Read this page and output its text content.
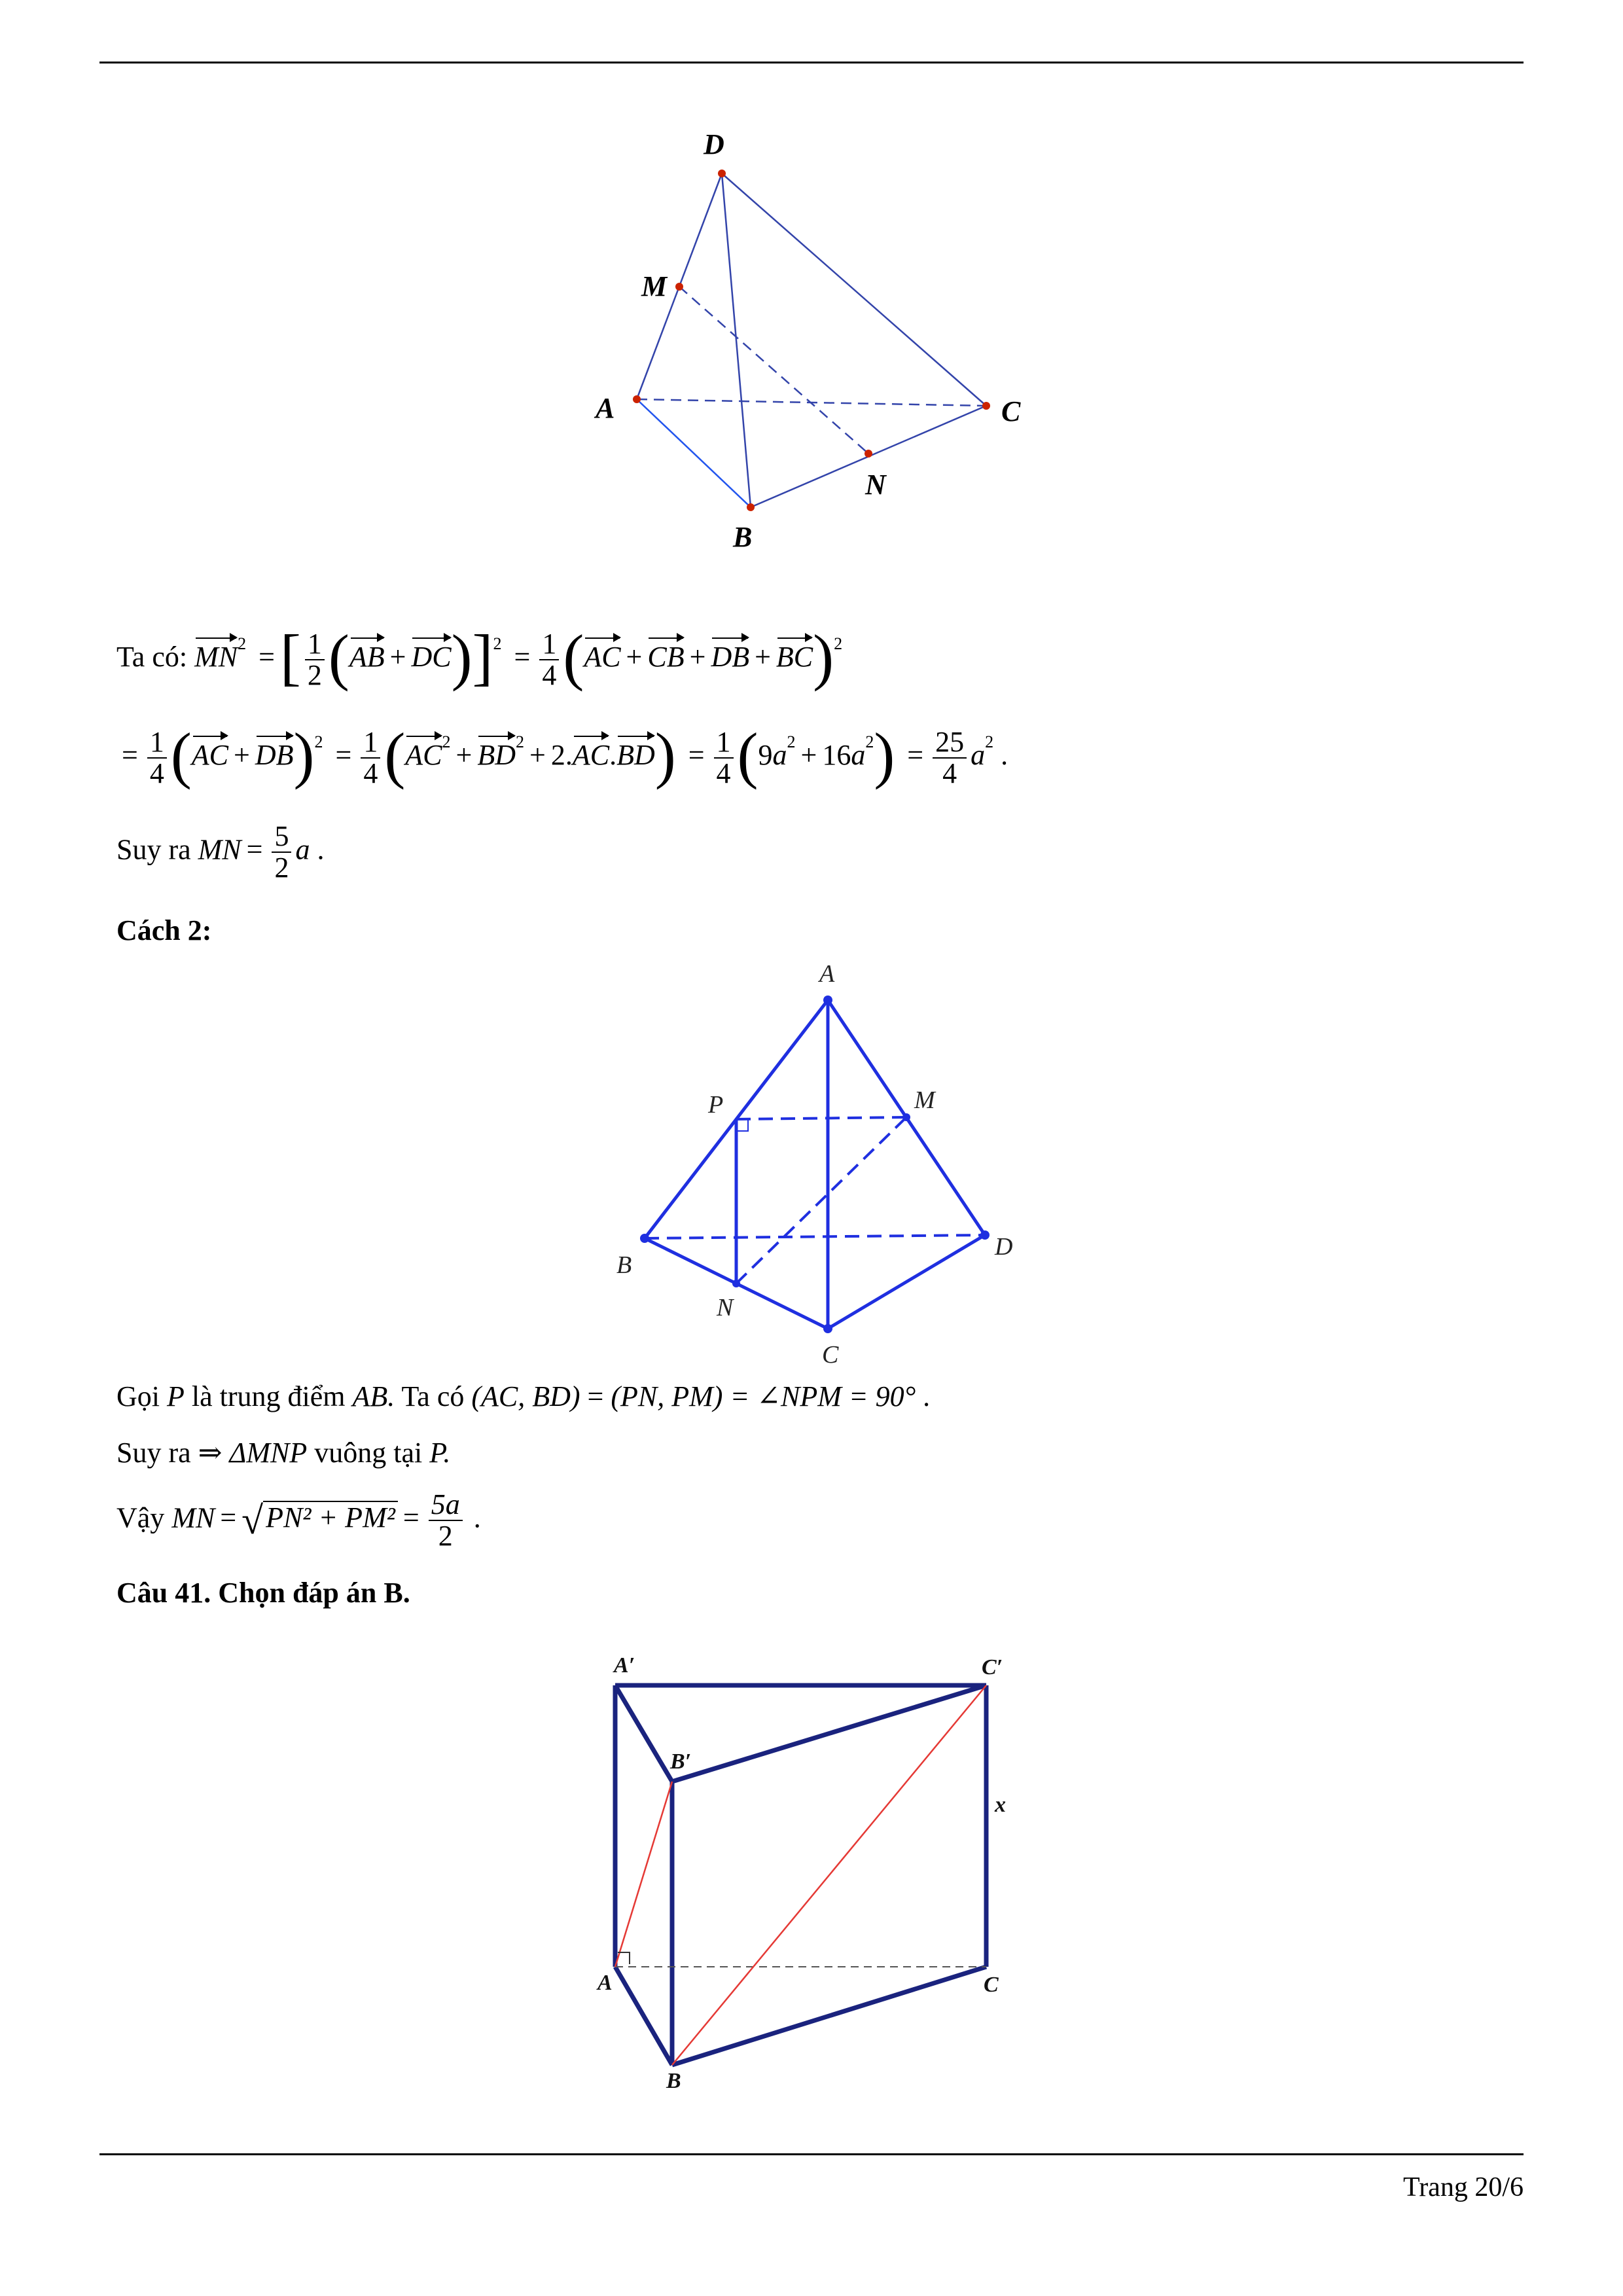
D
M
A	C
N
B
Ta có: $MN^2$ =[ $\frac{1}{2} (AB + DC)]^2 = \frac{1}{4} (AC$ + CB + DB + BC)$^2$
= $\frac{1}{4} (AC + DB)^2 = \frac{1}{4} (AC^2 + BD^2 + 2.AC.BD) = \frac{1}{4} (9a^2 + 16a^2) = \frac{25}{4} a^2$ .
Suy ra MN = $\frac{5}{2}$ a .
Cách 2:
A
P	M
B
D
N
C
Gọi P là trung điểm AB. Ta có (AC, BD) = (PN, PM) = ∠NPM = 90° .
Suy ra ⇒ ΔMNP vuông tại P.
Vậy MN = $√PN^2 + PM^2 = \frac{5a}{2}$ .
Câu 41. Chọn đáp án B.
A′	C′
B′
x
A	C
B
Trang 20/6
